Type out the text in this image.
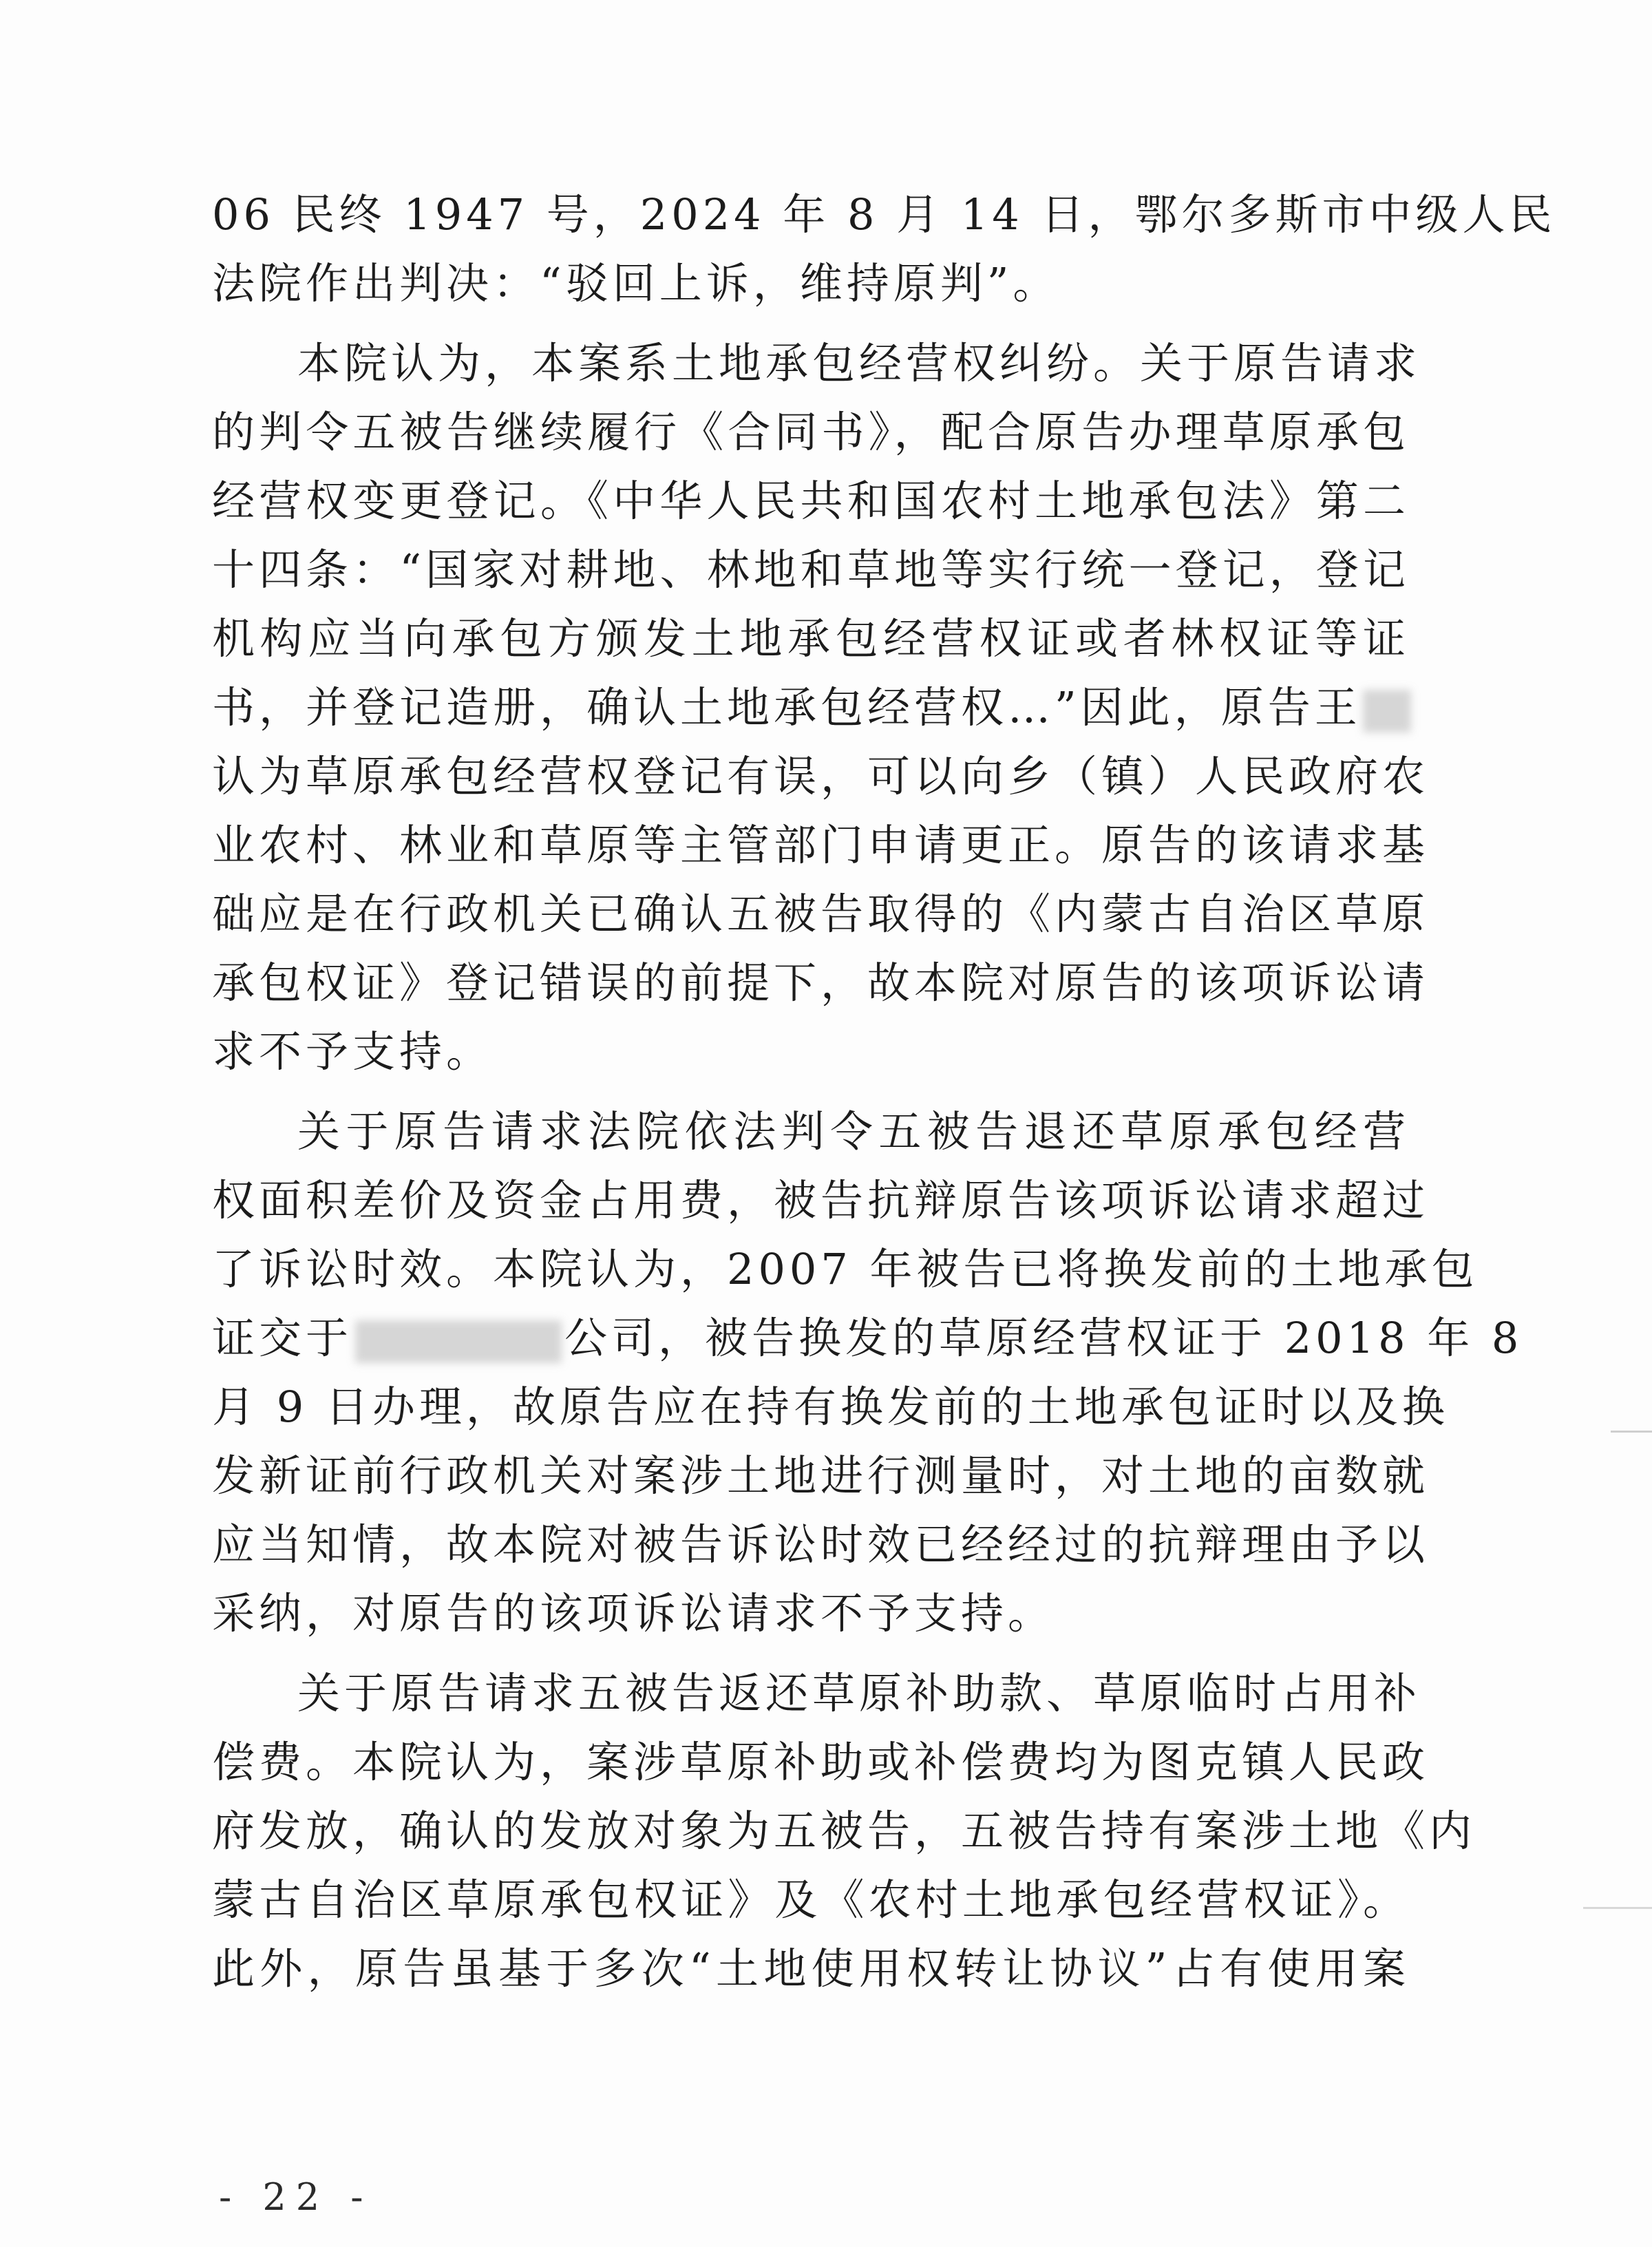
06 民终 1947 号，2024 年 8 月 14 日，鄂尔多斯市中级人民
法院作出判决：“驳回上诉，维持原判”。
本院认为，本案系土地承包经营权纠纷。关于原告请求
的判令五被告继续履行《合同书》，配合原告办理草原承包
经营权变更登记。《中华人民共和国农村土地承包法》第二
十四条：“国家对耕地、林地和草地等实行统一登记，登记
机构应当向承包方颁发土地承包经营权证或者林权证等证
书，并登记造册，确认土地承包经营权…”因此，原告王
认为草原承包经营权登记有误，可以向乡（镇）人民政府农
业农村、林业和草原等主管部门申请更正。原告的该请求基
础应是在行政机关已确认五被告取得的《内蒙古自治区草原
承包权证》登记错误的前提下，故本院对原告的该项诉讼请
求不予支持。
关于原告请求法院依法判令五被告退还草原承包经营
权面积差价及资金占用费，被告抗辩原告该项诉讼请求超过
了诉讼时效。本院认为，2007 年被告已将换发前的土地承包
证交于	公司，被告换发的草原经营权证于 2018 年 8
月 9 日办理，故原告应在持有换发前的土地承包证时以及换
发新证前行政机关对案涉土地进行测量时，对土地的亩数就
应当知情，故本院对被告诉讼时效已经经过的抗辩理由予以
采纳，对原告的该项诉讼请求不予支持。
关于原告请求五被告返还草原补助款、草原临时占用补
偿费。本院认为，案涉草原补助或补偿费均为图克镇人民政
府发放，确认的发放对象为五被告，五被告持有案涉土地《内
蒙古自治区草原承包权证》及《农村土地承包经营权证》。
此外，原告虽基于多次“土地使用权转让协议”占有使用案
- 22 -
